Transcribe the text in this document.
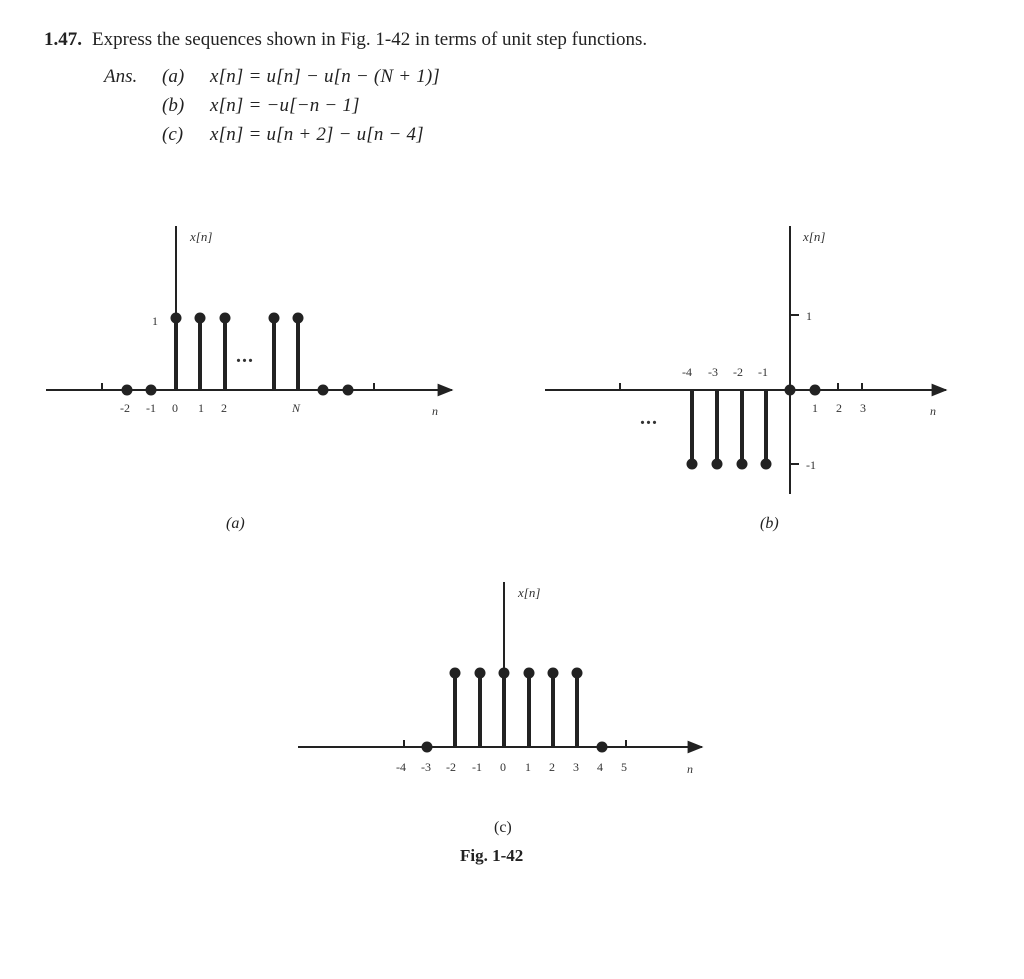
1.47. Express the sequences shown in Fig. 1-42 in terms of unit step functions.
Ans. (a) x[n] = u[n] − u[n − (N + 1)]
(b) x[n] = −u[−n − 1]
(c) x[n] = u[n + 2] − u[n − 4]
x[n]
1
...
-2 -1 0 1 2	N	n
(a)
x[n]
1
-1
-4 -3 -2 -1
1 2 3
...	n
(b)
x[n]
-4 -3 -2 -1 0 1 2 3 4 5	n
(c)
Fig. 1-42
